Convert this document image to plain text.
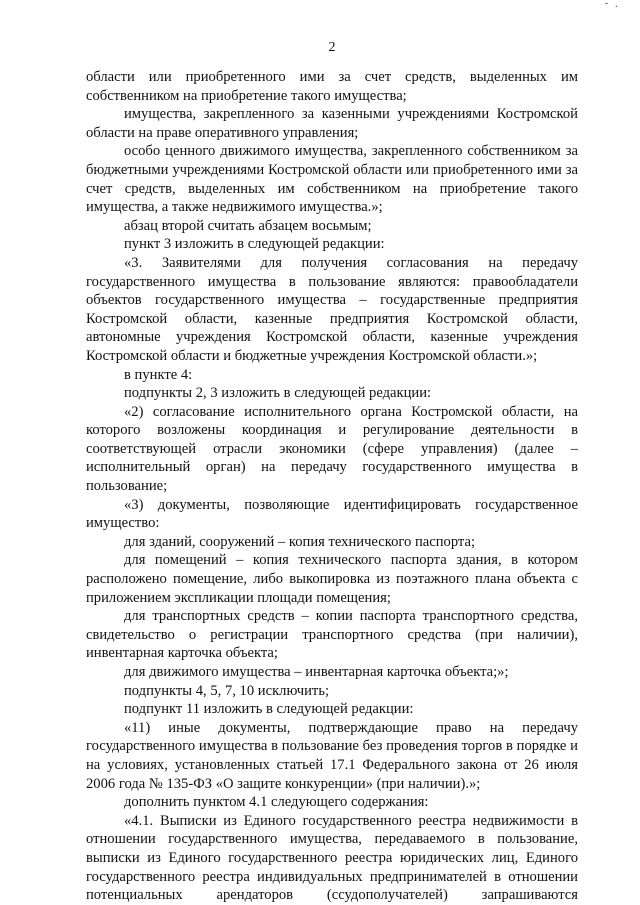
˘ ·
2

области или приобретенного ими за счет средств, выделенных им собственником на приобретение такого имущества;

имущества, закрепленного за казенными учреждениями Костромской области на праве оперативного управления;

особо ценного движимого имущества, закрепленного собственником за бюджетными учреждениями Костромской области или приобретенного ими за счет средств, выделенных им собственником на приобретение такого имущества, а также недвижимого имущества.»;

абзац второй считать абзацем восьмым;

пункт 3 изложить в следующей редакции:

«3. Заявителями для получения согласования на передачу государственного имущества в пользование являются: правообладатели объектов государственного имущества – государственные предприятия Костромской области, казенные предприятия Костромской области, автономные учреждения Костромской области, казенные учреждения Костромской области и бюджетные учреждения Костромской области.»;

в пункте 4:

подпункты 2, 3 изложить в следующей редакции:

«2) согласование исполнительного органа Костромской области, на которого возложены координация и регулирование деятельности в соответствующей отрасли экономики (сфере управления) (далее – исполнительный орган) на передачу государственного имущества в пользование;

«3) документы, позволяющие идентифицировать государственное имущество:

для зданий, сооружений – копия технического паспорта;

для помещений – копия технического паспорта здания, в котором расположено помещение, либо выкопировка из поэтажного плана объекта с приложением экспликации площади помещения;

для транспортных средств – копии паспорта транспортного средства, свидетельство о регистрации транспортного средства (при наличии), инвентарная карточка объекта;

для движимого имущества – инвентарная карточка объекта;»;

подпункты 4, 5, 7, 10 исключить;

подпункт 11 изложить в следующей редакции:

«11) иные документы, подтверждающие право на передачу государственного имущества в пользование без проведения торгов в порядке и на условиях, установленных статьей 17.1 Федерального закона от 26 июля 2006 года № 135-ФЗ «О защите конкуренции» (при наличии).»;

дополнить пунктом 4.1 следующего содержания:

«4.1. Выписки из Единого государственного реестра недвижимости в отношении государственного имущества, передаваемого в пользование, выписки из Единого государственного реестра юридических лиц, Единого государственного реестра индивидуальных предпринимателей в отношении потенциальных арендаторов (ссудополучателей) запрашиваются
